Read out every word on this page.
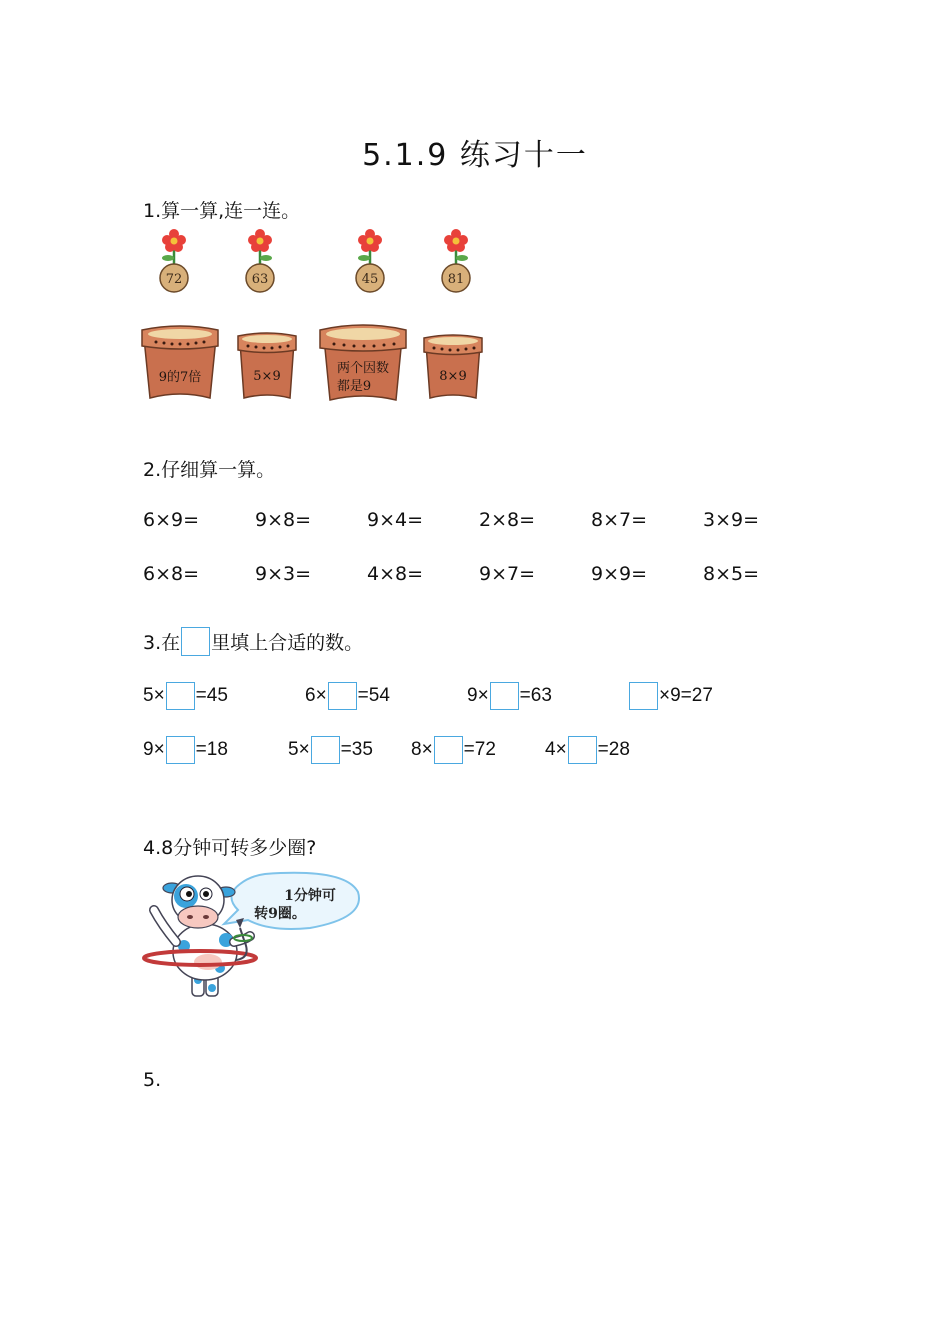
5.1.9 练习十一
1.算一算,连一连。
72	63	45	81
9的7倍	5×9
两个因数
都是9
8×9
2.仔细算一算。
6×9=	9×8=	9×4=	2×8=	8×7=	3×9=
6×8=	9×3=	4×8=	9×7=	9×9=	8×5=
3.在 里填上合适的数。
5× =45	6× =54	9× =63	×9=27
9× =18	5× =35 8× =72	4× =28
4.8分钟可转多少圈?
1分钟可
转9圈。
5.
